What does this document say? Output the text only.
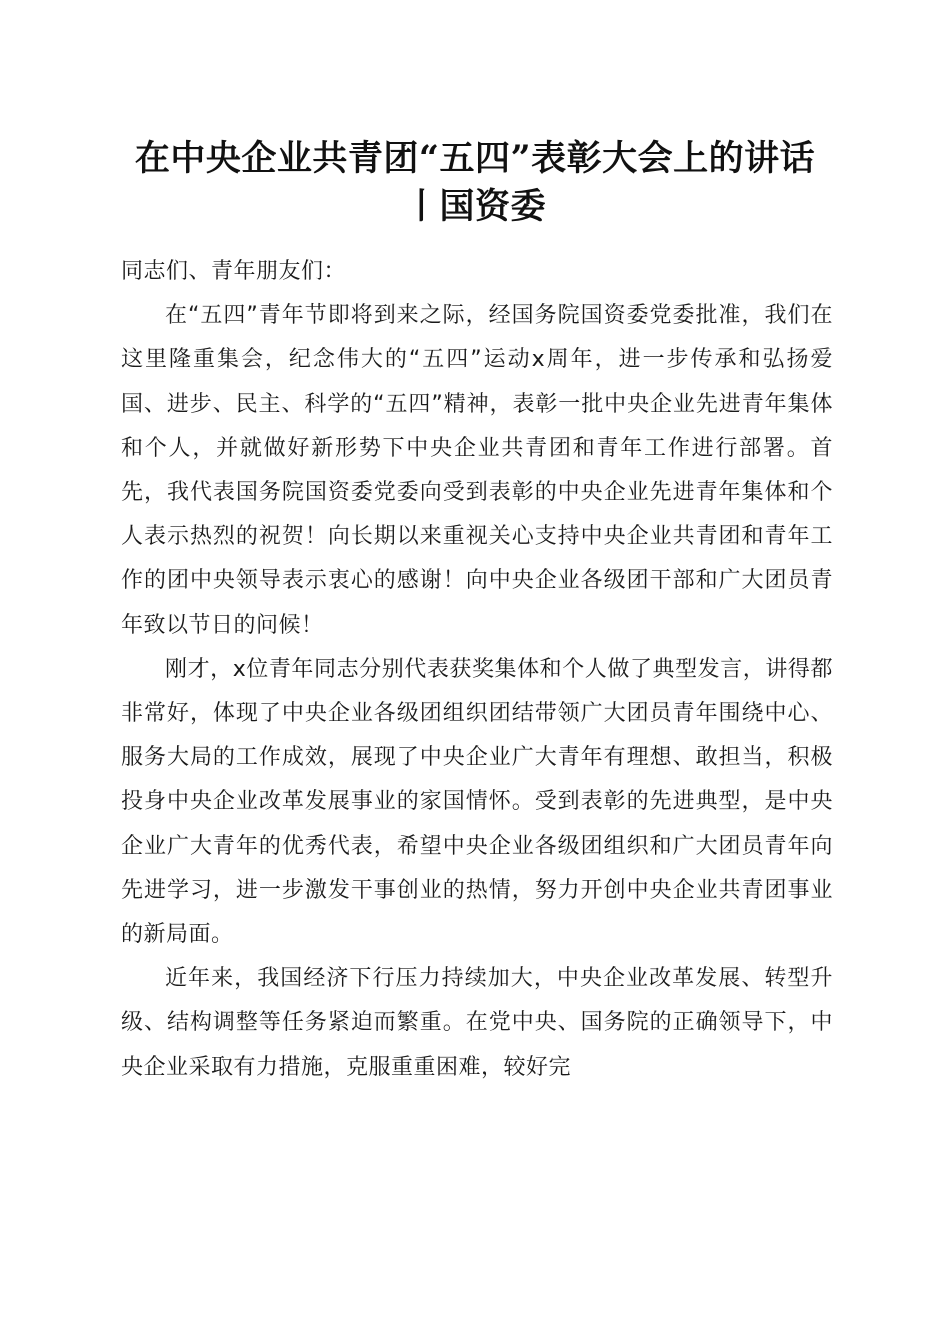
在中央企业共青团“五四”表彰大会上的讲话
丨国资委

同志们、青年朋友们：

在“五四”青年节即将到来之际，经国务院国资委党委批准，我们在这里隆重集会，纪念伟大的“五四”运动x周年，进一步传承和弘扬爱国、进步、民主、科学的“五四”精神，表彰一批中央企业先进青年集体和个人，并就做好新形势下中央企业共青团和青年工作进行部署。首先，我代表国务院国资委党委向受到表彰的中央企业先进青年集体和个人表示热烈的祝贺！向长期以来重视关心支持中央企业共青团和青年工作的团中央领导表示衷心的感谢！向中央企业各级团干部和广大团员青年致以节日的问候！

刚才，x位青年同志分别代表获奖集体和个人做了典型发言，讲得都非常好，体现了中央企业各级团组织团结带领广大团员青年围绕中心、服务大局的工作成效，展现了中央企业广大青年有理想、敢担当，积极投身中央企业改革发展事业的家国情怀。受到表彰的先进典型，是中央企业广大青年的优秀代表，希望中央企业各级团组织和广大团员青年向先进学习，进一步激发干事创业的热情，努力开创中央企业共青团事业的新局面。

近年来，我国经济下行压力持续加大，中央企业改革发展、转型升级、结构调整等任务紧迫而繁重。在党中央、国务院的正确领导下，中央企业采取有力措施，克服重重困难，较好完
